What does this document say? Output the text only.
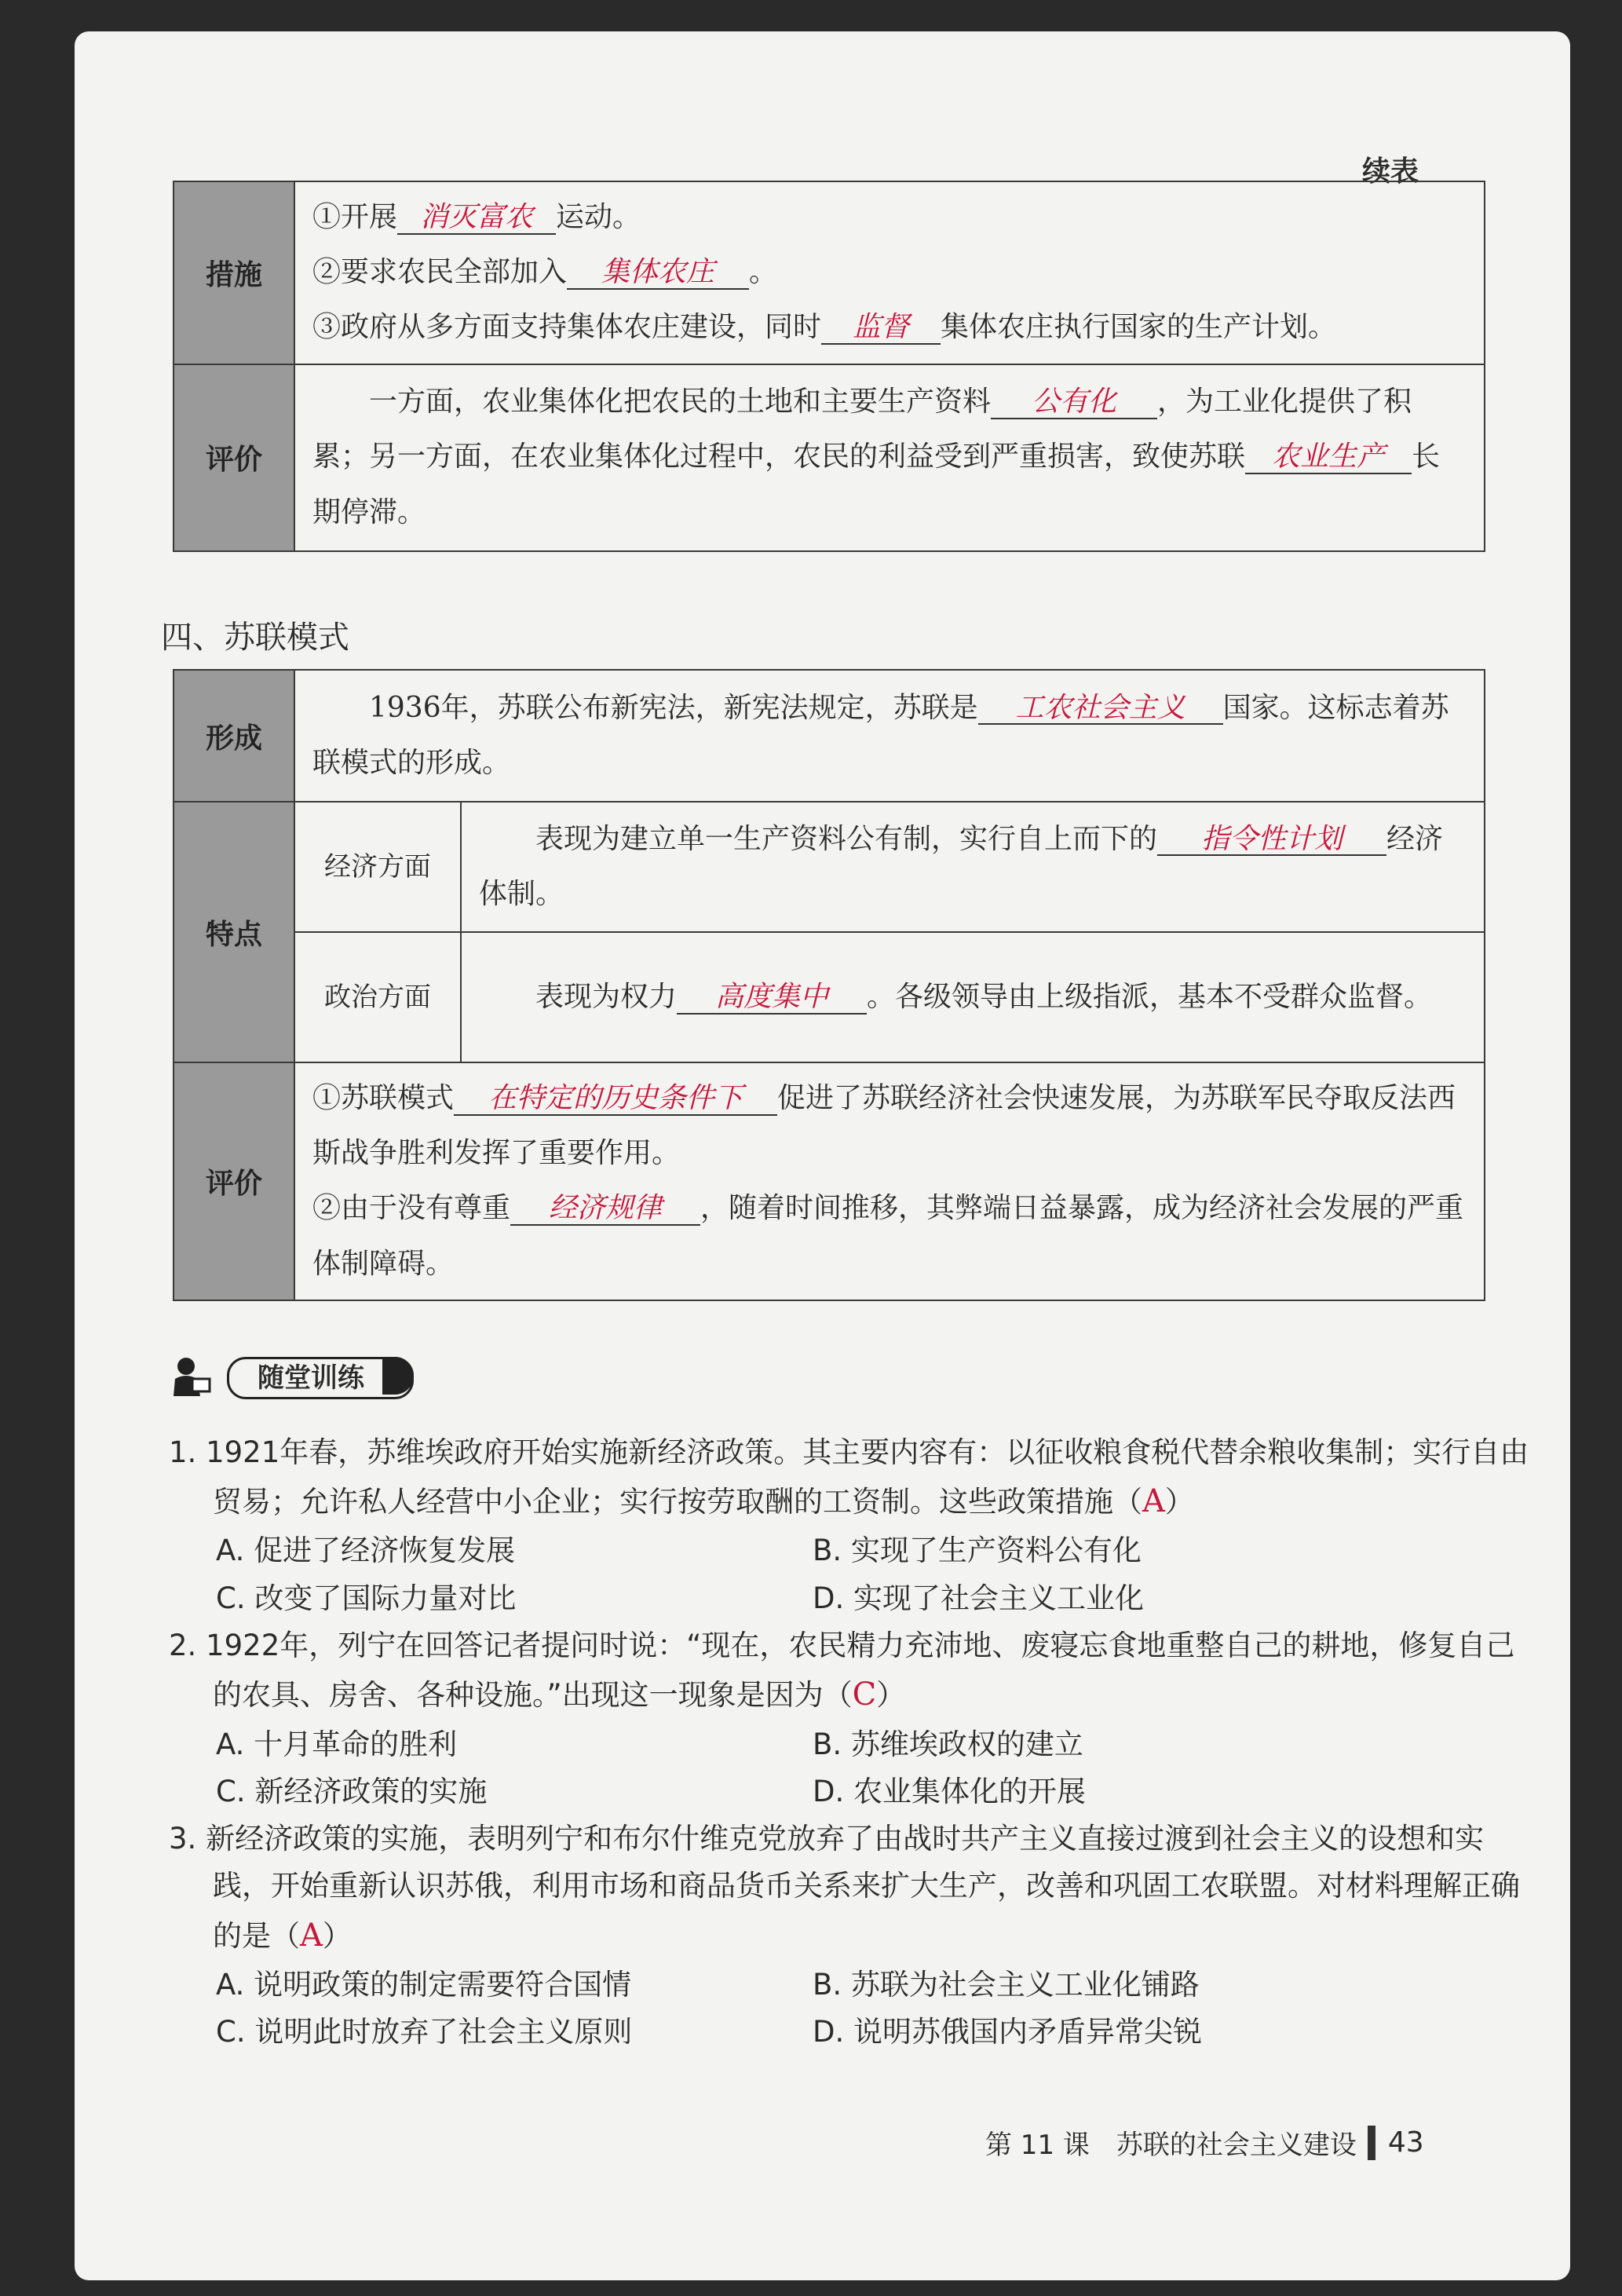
续表
措施	①开展 消灭富农 运动。
②要求农民全部加入 集体农庄 。
③政府从多方面支持集体农庄建设，同时 监督 集体农庄执行国家的生产计划。

评价	一方面，农业集体化把农民的土地和主要生产资料 公有化 ，为工业化提供了积累；另一方面，在农业集体化过程中，农民的利益受到严重损害，致使苏联 农业生产 长期停滞。
四、苏联模式
形成	1936年，苏联公布新宪法，新宪法规定，苏联是 工农社会主义 国家。这标志着苏联模式的形成。	
特点	经济方面	表现为建立单一生产资料公有制，实行自上而下的 指令性计划 经济体制。
	政治方面	表现为权力 高度集中 。各级领导由上级指派，基本不受群众监督。
评价	①苏联模式 在特定的历史条件下 促进了苏联经济社会快速发展，为苏联军民夺取反法西斯战争胜利发挥了重要作用。
②由于没有尊重 经济规律 ，随着时间推移，其弊端日益暴露，成为经济社会发展的严重体制障碍。	
随堂训练
1. 1921年春，苏维埃政府开始实施新经济政策。其主要内容有：以征收粮食税代替余粮收集制；实行自由贸易；允许私人经营中小企业；实行按劳取酬的工资制。这些政策措施（A）
A. 促进了经济恢复发展	B. 实现了生产资料公有化
C. 改变了国际力量对比	D. 实现了社会主义工业化
2. 1922年，列宁在回答记者提问时说：“现在，农民精力充沛地、废寝忘食地重整自己的耕地，修复自己的农具、房舍、各种设施。”出现这一现象是因为（C）
A. 十月革命的胜利	B. 苏维埃政权的建立
C. 新经济政策的实施	D. 农业集体化的开展
3. 新经济政策的实施，表明列宁和布尔什维克党放弃了由战时共产主义直接过渡到社会主义的设想和实践，开始重新认识苏俄，利用市场和商品货币关系来扩大生产，改善和巩固工农联盟。对材料理解正确的是（A）
A. 说明政策的制定需要符合国情	B. 苏联为社会主义工业化铺路
C. 说明此时放弃了社会主义原则	D. 说明苏俄国内矛盾异常尖锐
第 11 课　苏联的社会主义建设 43
